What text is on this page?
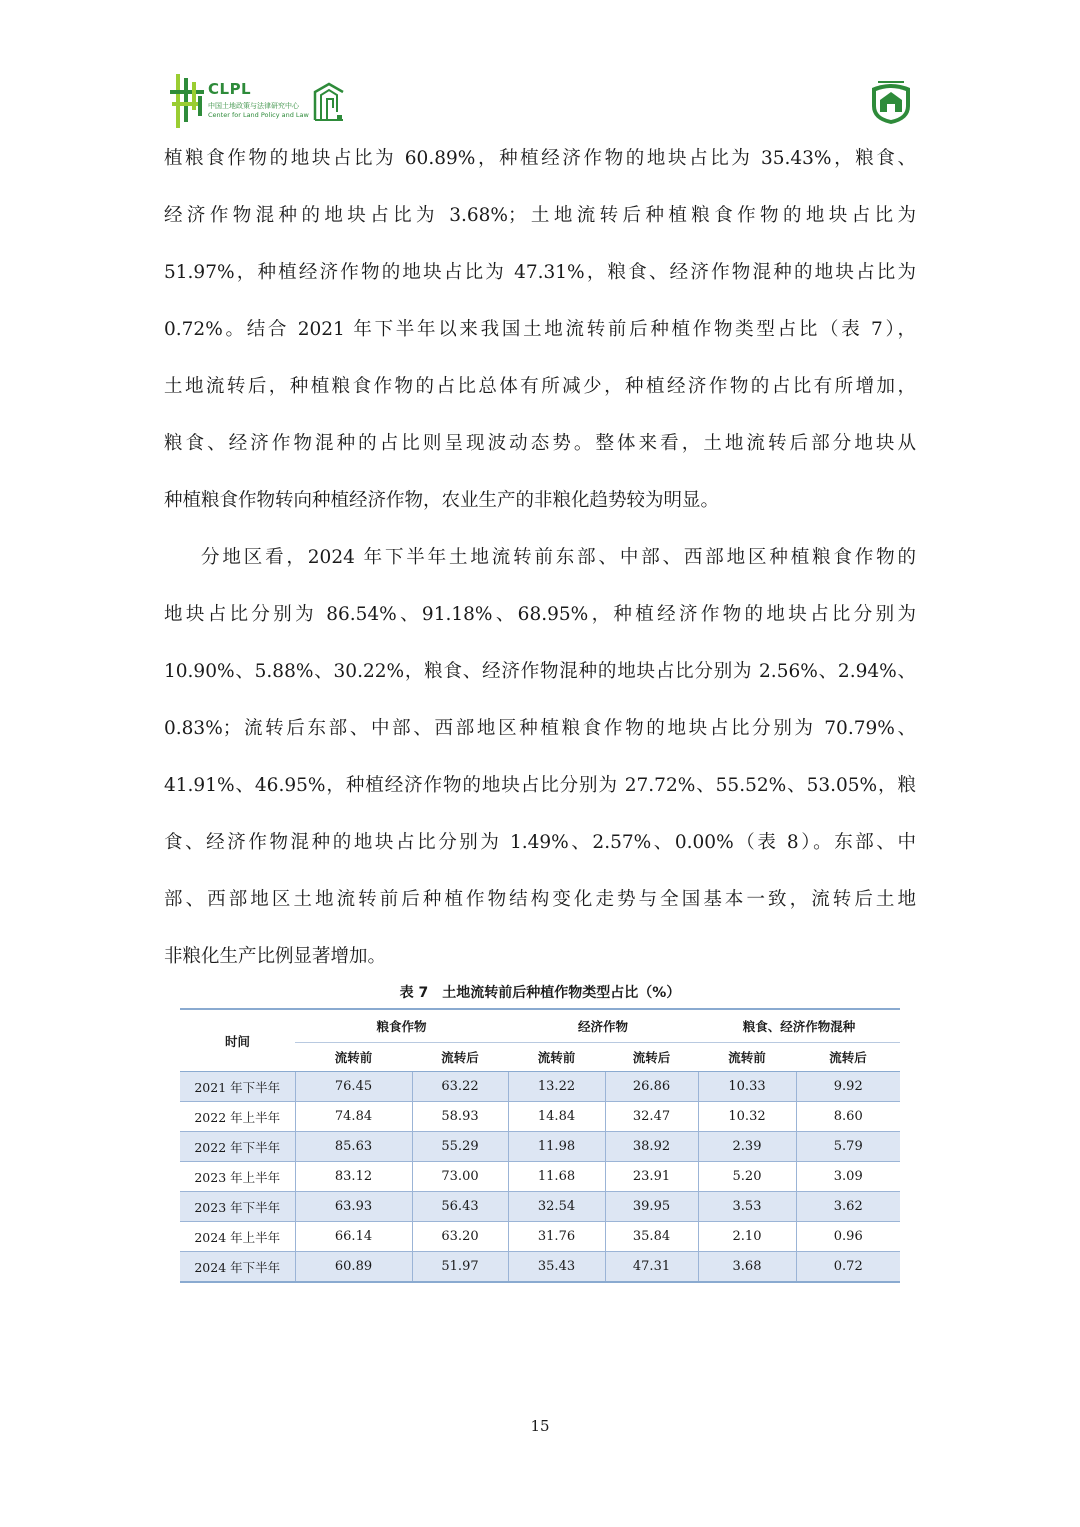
CLPL
中国土地政策与法律研究中心
Center for Land Policy and Law

植粮食作物的地块占比为 60.89%，种植经济作物的地块占比为 35.43%，粮食、
经济作物混种的地块占比为 3.68%；土地流转后种植粮食作物的地块占比为
51.97%，种植经济作物的地块占比为 47.31%，粮食、经济作物混种的地块占比为
0.72%。结合 2021 年下半年以来我国土地流转前后种植作物类型占比（表 7），
土地流转后，种植粮食作物的占比总体有所减少，种植经济作物的占比有所增加，
粮食、经济作物混种的占比则呈现波动态势。整体来看，土地流转后部分地块从
种植粮食作物转向种植经济作物，农业生产的非粮化趋势较为明显。

分地区看，2024 年下半年土地流转前东部、中部、西部地区种植粮食作物的
地块占比分别为 86.54%、91.18%、68.95%，种植经济作物的地块占比分别为
10.90%、5.88%、30.22%，粮食、经济作物混种的地块占比分别为 2.56%、2.94%、
0.83%；流转后东部、中部、西部地区种植粮食作物的地块占比分别为 70.79%、
41.91%、46.95%，种植经济作物的地块占比分别为 27.72%、55.52%、53.05%，粮
食、经济作物混种的地块占比分别为 1.49%、2.57%、0.00%（表 8）。东部、中
部、西部地区土地流转前后种植作物结构变化走势与全国基本一致，流转后土地
非粮化生产比例显著增加。

表 7　土地流转前后种植作物类型占比（%）
时间	粮食作物		经济作物		粮食、经济作物混种	
	流转前	流转后	流转前	流转后	流转前	流转后
2021 年下半年	76.45	63.22	13.22	26.86	10.33	9.92
2022 年上半年	74.84	58.93	14.84	32.47	10.32	8.60
2022 年下半年	85.63	55.29	11.98	38.92	2.39	5.79
2023 年上半年	83.12	73.00	11.68	23.91	5.20	3.09
2023 年下半年	63.93	56.43	32.54	39.95	3.53	3.62
2024 年上半年	66.14	63.20	31.76	35.84	2.10	0.96
2024 年下半年	60.89	51.97	35.43	47.31	3.68	0.72
15
